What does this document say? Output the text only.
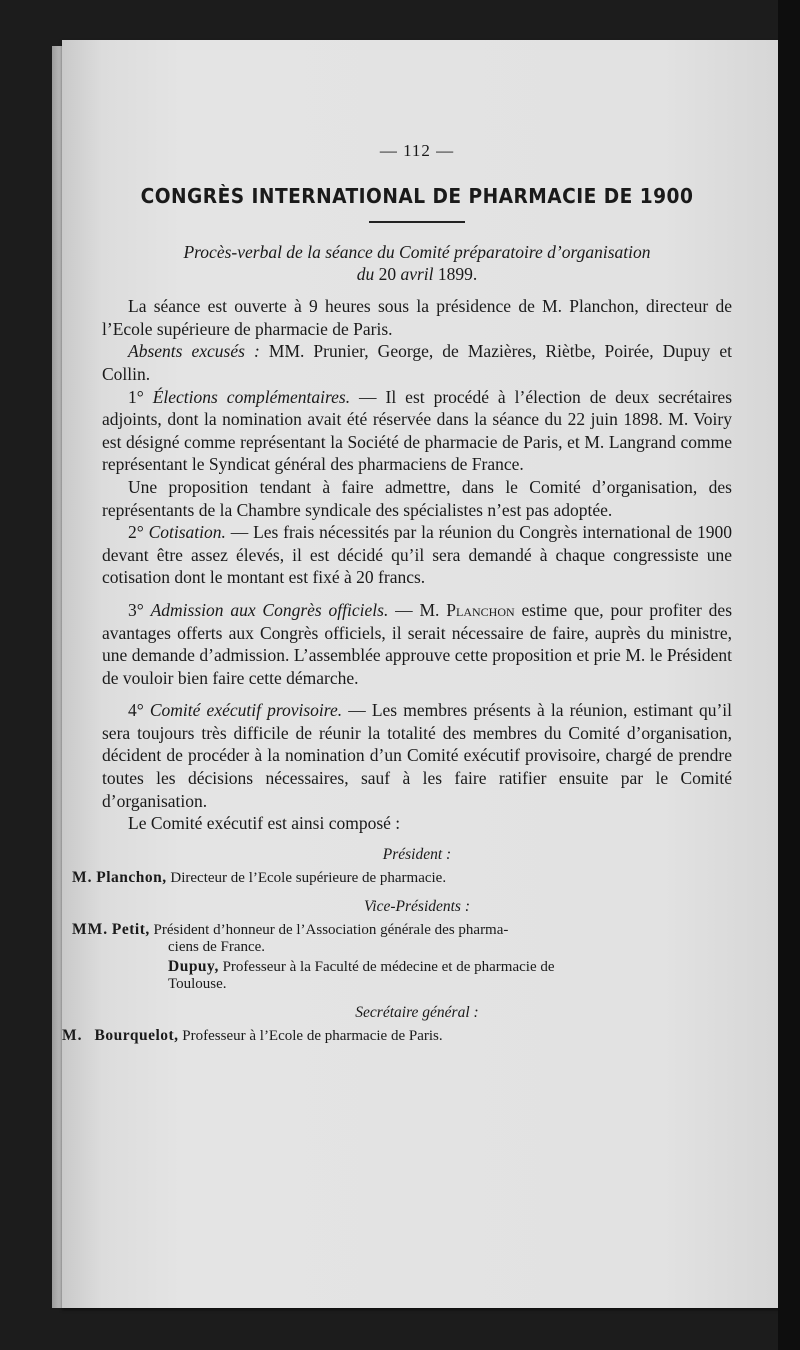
— 112 —
CONGRÈS INTERNATIONAL DE PHARMACIE DE 1900
Procès-verbal de la séance du Comité préparatoire d’organisation
du 20 avril 1899.

La séance est ouverte à 9 heures sous la présidence de M. Planchon, directeur de l’Ecole supérieure de pharmacie de Paris.

Absents excusés : MM. Prunier, George, de Mazières, Riètbe, Poirée, Dupuy et Collin.

1° Élections complémentaires. — Il est procédé à l’élection de deux secrétaires adjoints, dont la nomination avait été réservée dans la séance du 22 juin 1898. M. Voiry est désigné comme représentant la Société de pharmacie de Paris, et M. Langrand comme représentant le Syndicat général des pharmaciens de France.

Une proposition tendant à faire admettre, dans le Comité d’organisation, des représentants de la Chambre syndicale des spécialistes n’est pas adoptée.

2° Cotisation. — Les frais nécessités par la réunion du Congrès international de 1900 devant être assez élevés, il est décidé qu’il sera demandé à chaque congressiste une cotisation dont le montant est fixé à 20 francs.

3° Admission aux Congrès officiels. — M. Planchon estime que, pour profiter des avantages offerts aux Congrès officiels, il serait nécessaire de faire, auprès du ministre, une demande d’admission. L’assemblée approuve cette proposition et prie M. le Président de vouloir bien faire cette démarche.

4° Comité exécutif provisoire. — Les membres présents à la réunion, estimant qu’il sera toujours très difficile de réunir la totalité des membres du Comité d’organisation, décident de procéder à la nomination d’un Comité exécutif provisoire, chargé de prendre toutes les décisions nécessaires, sauf à les faire ratifier ensuite par le Comité d’organisation.

Le Comité exécutif est ainsi composé :

Président :
M. Planchon, Directeur de l’Ecole supérieure de pharmacie.
Vice-Présidents :
MM. Petit, Président d’honneur de l’Association générale des pharma-
ciens de France.
Dupuy, Professeur à la Faculté de médecine et de pharmacie de
Toulouse.
Secrétaire général :
M. Bourquelot, Professeur à l’Ecole de pharmacie de Paris.
